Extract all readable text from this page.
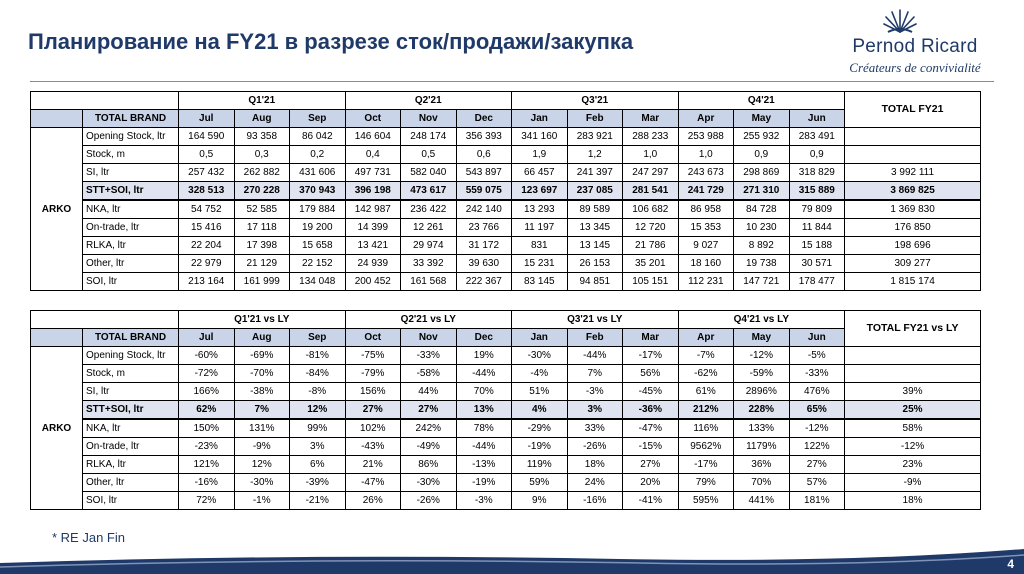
Планирование на FY21 в разрезе сток/продажи/закупка	Pernod Ricard
Créateurs de convivialité
		Q1'21			Q2'21			Q3'21			Q4'21			TOTAL FY21
	TOTAL BRAND	Jul	Aug	Sep	Oct	Nov	Dec	Jan	Feb	Mar	Apr	May	Jun	
ARKO	Opening Stock, ltr	164 590	93 358	86 042	146 604	248 174	356 393	341 160	283 921	288 233	253 988	255 932	283 491	
	Stock, m	0,5	0,3	0,2	0,4	0,5	0,6	1,9	1,2	1,0	1,0	0,9	0,9	
	SI, ltr	257 432	262 882	431 606	497 731	582 040	543 897	66 457	241 397	247 297	243 673	298 869	318 829	3 992 111
	STT+SOI, ltr	328 513	270 228	370 943	396 198	473 617	559 075	123 697	237 085	281 541	241 729	271 310	315 889	3 869 825
	NKA, ltr	54 752	52 585	179 884	142 987	236 422	242 140	13 293	89 589	106 682	86 958	84 728	79 809	1 369 830
	On-trade, ltr	15 416	17 118	19 200	14 399	12 261	23 766	11 197	13 345	12 720	15 353	10 230	11 844	176 850
	RLKA, ltr	22 204	17 398	15 658	13 421	29 974	31 172	831	13 145	21 786	9 027	8 892	15 188	198 696
	Other, ltr	22 979	21 129	22 152	24 939	33 392	39 630	15 231	26 153	35 201	18 160	19 738	30 571	309 277
	SOI, ltr	213 164	161 999	134 048	200 452	161 568	222 367	83 145	94 851	105 151	112 231	147 721	178 477	1 815 174
		Q1'21 vs LY			Q2'21 vs LY			Q3'21 vs LY			Q4'21 vs LY			TOTAL FY21 vs LY
	TOTAL BRAND	Jul	Aug	Sep	Oct	Nov	Dec	Jan	Feb	Mar	Apr	May	Jun	
ARKO	Opening Stock, ltr	-60%	-69%	-81%	-75%	-33%	19%	-30%	-44%	-17%	-7%	-12%	-5%	
	Stock, m	-72%	-70%	-84%	-79%	-58%	-44%	-4%	7%	56%	-62%	-59%	-33%	
	SI, ltr	166%	-38%	-8%	156%	44%	70%	51%	-3%	-45%	61%	2896%	476%	39%
	STT+SOI, ltr	62%	7%	12%	27%	27%	13%	4%	3%	-36%	212%	228%	65%	25%
	NKA, ltr	150%	131%	99%	102%	242%	78%	-29%	33%	-47%	116%	133%	-12%	58%
	On-trade, ltr	-23%	-9%	3%	-43%	-49%	-44%	-19%	-26%	-15%	9562%	1179%	122%	-12%
	RLKA, ltr	121%	12%	6%	21%	86%	-13%	119%	18%	27%	-17%	36%	27%	23%
	Other, ltr	-16%	-30%	-39%	-47%	-30%	-19%	59%	24%	20%	79%	70%	57%	-9%
	SOI, ltr	72%	-1%	-21%	26%	-26%	-3%	9%	-16%	-41%	595%	441%	181%	18%
* RE Jan Fin
4
